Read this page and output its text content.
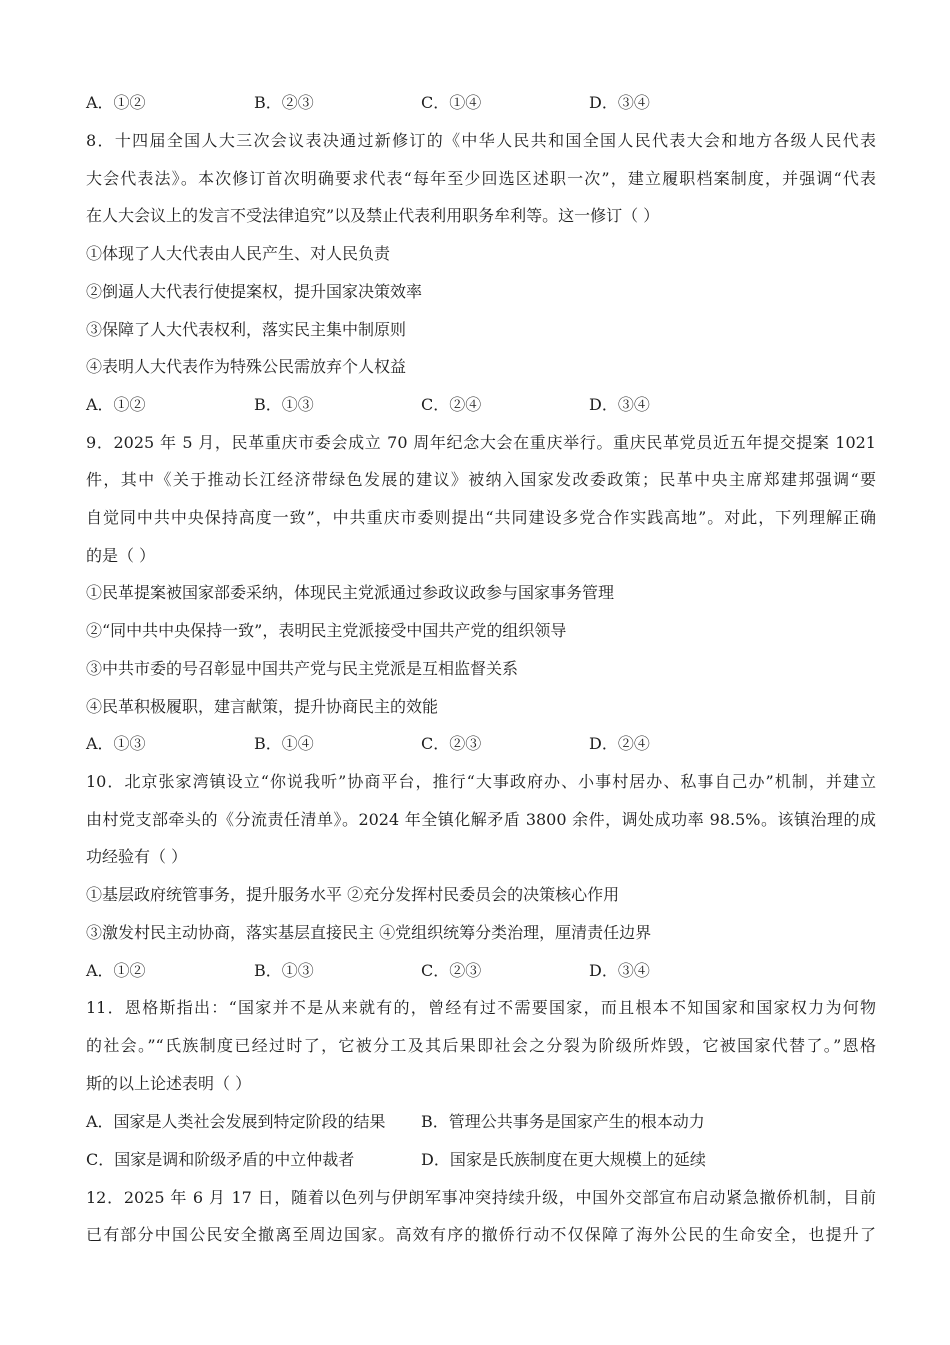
A．①②	B．②③	C．①④	D．③④
8．十四届全国人大三次会议表决通过新修订的《中华人民共和国全国人民代表大会和地方各级人民代表
大会代表法》。本次修订首次明确要求代表“每年至少回选区述职一次”，建立履职档案制度，并强调“代表
在人大会议上的发言不受法律追究”以及禁止代表利用职务牟利等。这一修订（ ）
①体现了人大代表由人民产生、对人民负责
②倒逼人大代表行使提案权，提升国家决策效率
③保障了人大代表权利，落实民主集中制原则
④表明人大代表作为特殊公民需放弃个人权益
A．①②	B．①③	C．②④	D．③④
9．2025 年 5 月，民革重庆市委会成立 70 周年纪念大会在重庆举行。重庆民革党员近五年提交提案 1021
件，其中《关于推动长江经济带绿色发展的建议》被纳入国家发改委政策；民革中央主席郑建邦强调“要
自觉同中共中央保持高度一致”，中共重庆市委则提出“共同建设多党合作实践高地”。对此，下列理解正确
的是（ ）
①民革提案被国家部委采纳，体现民主党派通过参政议政参与国家事务管理
②“同中共中央保持一致”，表明民主党派接受中国共产党的组织领导
③中共市委的号召彰显中国共产党与民主党派是互相监督关系
④民革积极履职，建言献策，提升协商民主的效能
A．①③	B．①④	C．②③	D．②④
10．北京张家湾镇设立“你说我听”协商平台，推行“大事政府办、小事村居办、私事自己办”机制，并建立
由村党支部牵头的《分流责任清单》。2024 年全镇化解矛盾 3800 余件，调处成功率 98.5%。该镇治理的成
功经验有（ ）
①基层政府统管事务，提升服务水平 ②充分发挥村民委员会的决策核心作用
③激发村民主动协商，落实基层直接民主 ④党组织统筹分类治理，厘清责任边界
A．①②	B．①③	C．②③	D．③④
11．恩格斯指出：“国家并不是从来就有的，曾经有过不需要国家，而且根本不知国家和国家权力为何物
的社会。”“氏族制度已经过时了，它被分工及其后果即社会之分裂为阶级所炸毁，它被国家代替了。”恩格
斯的以上论述表明（ ）
A．国家是人类社会发展到特定阶段的结果 B．管理公共事务是国家产生的根本动力
C．国家是调和阶级矛盾的中立仲裁者	D．国家是氏族制度在更大规模上的延续
12．2025 年 6 月 17 日，随着以色列与伊朗军事冲突持续升级，中国外交部宣布启动紧急撤侨机制，目前
已有部分中国公民安全撤离至周边国家。高效有序的撤侨行动不仅保障了海外公民的生命安全，也提升了
